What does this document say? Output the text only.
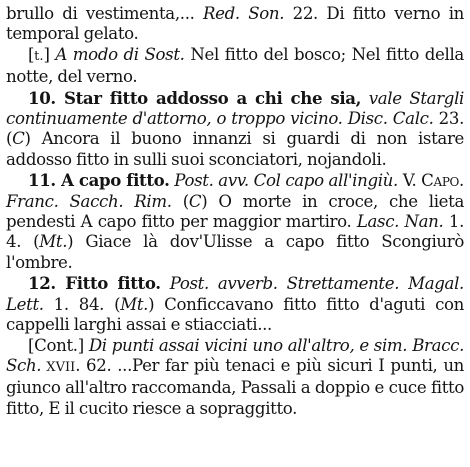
brullo di vestimenta,... Red. Son. 22. Di fitto verno in temporal gelato.

[t.] A modo di Sost. Nel fitto del bosco; Nel fitto della notte, del verno.

10. Star fitto addosso a chi che sia, vale Stargli continuamente d'attorno, o troppo vicino. Disc. Calc. 23. (C) Ancora il buono innanzi si guardi di non istare addosso fitto in sulli suoi sconciatori, nojandoli.

11. A capo fitto. Post. avv. Col capo all'ingiù. V. Capo. Franc. Sacch. Rim. (C) O morte in croce, che lieta pendesti A capo fitto per maggior martiro. Lasc. Nan. 1. 4. (Mt.) Giace là dov'Ulisse a capo fitto Scongiurò l'ombre.

12. Fitto fitto. Post. avverb. Strettamente. Magal. Lett. 1. 84. (Mt.) Conficcavano fitto fitto d'aguti con cappelli larghi assai e stiacciati...

[Cont.] Di punti assai vicini uno all'altro, e sim. Bracc. Sch. XVII. 62. ...Per far più tenaci e più sicuri I punti, un giunco all'altro raccomanda, Passali a doppio e cuce fitto fitto, E il cucito riesce a sopraggitto.
